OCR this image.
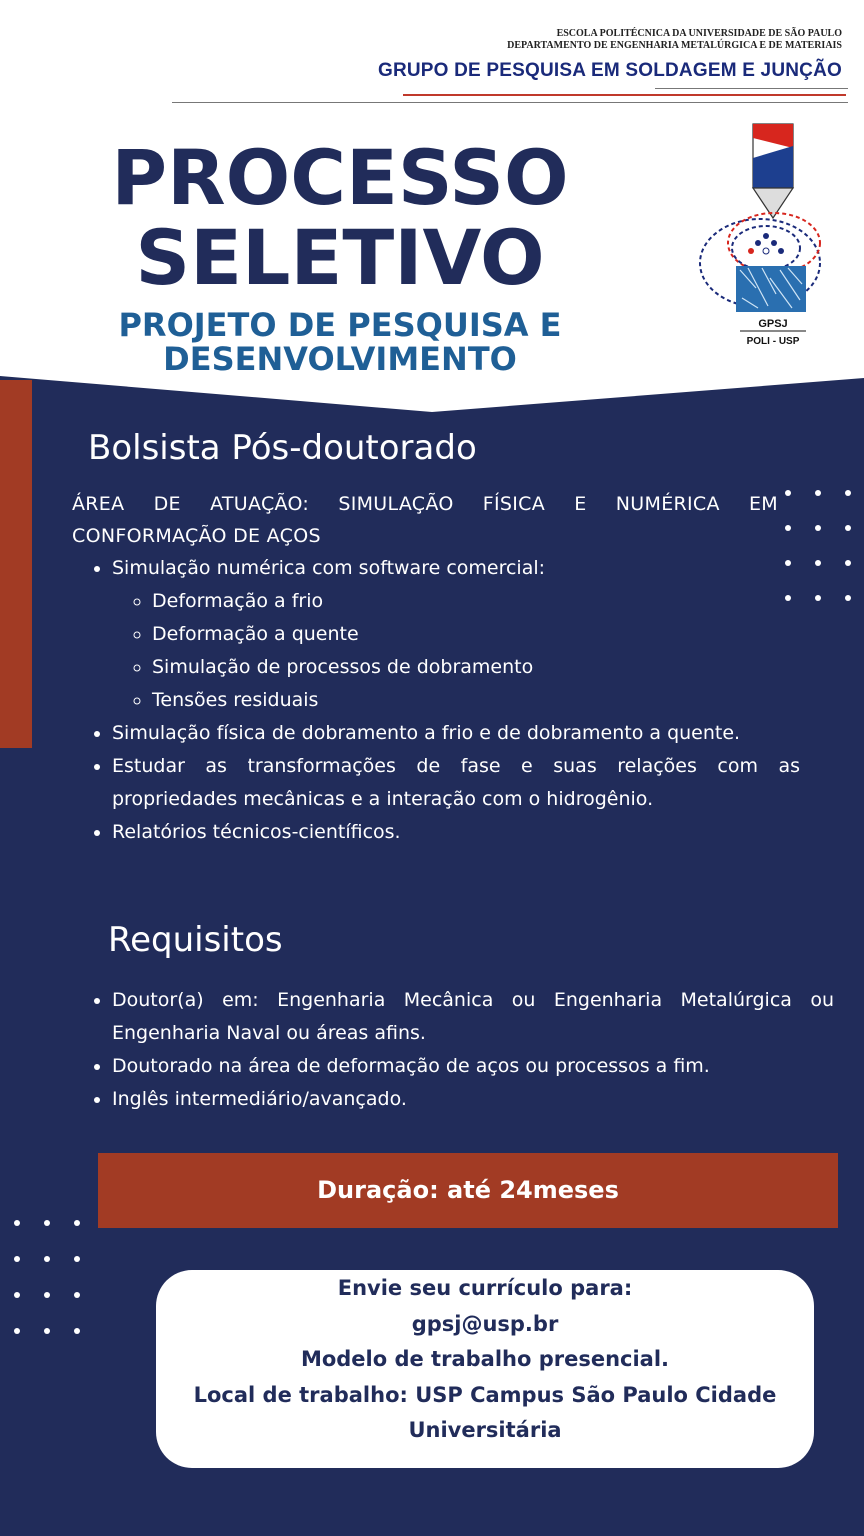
ESCOLA POLITÉCNICA DA UNIVERSIDADE DE SÃO PAULO
DEPARTAMENTO DE ENGENHARIA METALÚRGICA E DE MATERIAIS
GRUPO DE PESQUISA EM SOLDAGEM E JUNÇÃO
PROCESSO
SELETIVO
PROJETO DE PESQUISA E
DESENVOLVIMENTO
GPSJ
POLI - USP
Bolsista Pós-doutorado
ÁREA DE ATUAÇÃO: SIMULAÇÃO FÍSICA E NUMÉRICA EM CONFORMAÇÃO DE AÇOS
• Simulação numérica com software comercial:
◦ Deformação a frio
◦ Deformação a quente
◦ Simulação de processos de dobramento
◦ Tensões residuais
• Simulação física de dobramento a frio e de dobramento a quente.
• Estudar as transformações de fase e suas relações com as propriedades mecânicas e a interação com o hidrogênio.
• Relatórios técnicos-científicos.
Requisitos
• Doutor(a) em: Engenharia Mecânica ou Engenharia Metalúrgica ou Engenharia Naval ou áreas afins.
• Doutorado na área de deformação de aços ou processos a fim.
• Inglês intermediário/avançado.
Duração: até 24meses
Envie seu currículo para:
gpsj@usp.br
Modelo de trabalho presencial.
Local de trabalho: USP Campus São Paulo Cidade
Universitária
